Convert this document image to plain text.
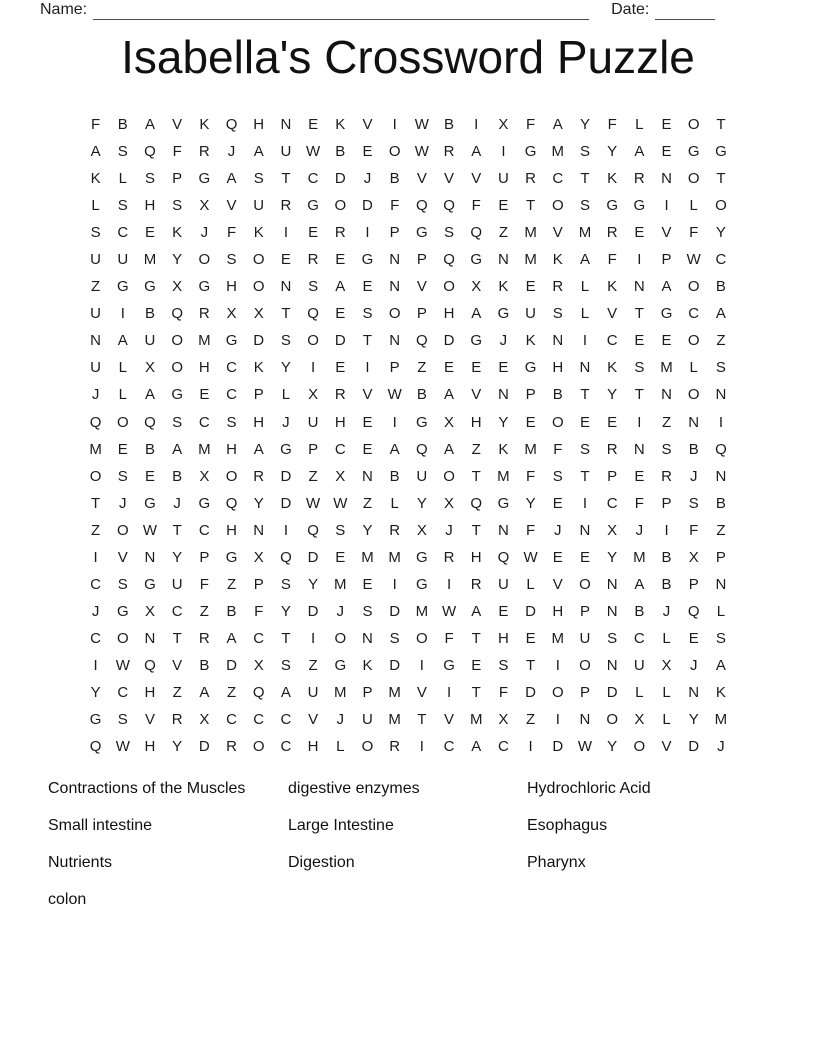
Name:	Date:
Isabella's Crossword Puzzle
F	B	A	V	K	Q	H	N	E	K	V	I	W	B	I	X	F	A	Y	F	L	E	O	T
A	S	Q	F	R	J	A	U W	B	E	O W R	A	I	G	M	S	Y	A	E	G	G
K	L	S	P	G	A	S	T	C	D	J	B	V	V	V	U	R	C	T	K	R	N	O	T
L	S	H	S	X	V	U	R	G	O	D	F	Q	Q	F	E	T	O	S	G	G	I	L	O
S	C	E	K	J	F	K	I	E	R	I	P	G	S	Q	Z	M	V	M	R	E	V	F	Y
U	U	M	Y	O	S	O	E	R	E	G	N	P	Q	G	N	M	K	A	F	I	P	W C
Z	G	G	X	G	H	O	N	S	A	E	N	V	O	X	K	E	R	L	K	N	A	O	B
U	I	B	Q	R	X	X	T	Q	E	S	O	P	H	A	G	U	S	L	V	T	G	C	A
N	A	U	O	M	G	D	S	O	D	T	N	Q	D	G	J	K	N	I	C	E	E	O	Z
U	L	X	O	H	C	K	Y	I	E	I	P	Z	E	E	E	G	H	N	K	S	M	L	S
J	L	A	G	E	C	P	L	X	R	V	W	B	A	V	N	P	B	T	Y	T	N	O	N
Q	O	Q	S	C	S	H	J	U	H	E	I	G	X	H	Y	E	O	E	E	I	Z	N	I
M	E	B	A	M	H	A	G	P	C	E	A	Q	A	Z	K	M	F	S	R	N	S	B	Q
O	S	E	B	X	O	R	D	Z	X	N	B	U	O	T	M	F	S	T	P	E	R	J	N
T	J	G	J	G	Q	Y	D W W	Z	L	Y	X	Q	G	Y	E	I	C	F	P	S	B
Z	O W	T	C	H	N	I	Q	S	Y	R	X	J	T	N	F	J	N	X	J	I	F	Z
I	V	N	Y	P	G	X	Q	D	E	M M	G	R	H	Q W	E	E	Y	M	B	X	P
C	S	G	U	F	Z	P	S	Y	M	E	I	G	I	R	U	L	V	O	N	A	B	P	N
J	G	X	C	Z	B	F	Y	D	J	S	D	M W	A	E	D	H	P	N	B	J	Q	L
C	O	N	T	R	A	C	T	I	O	N	S	O	F	T	H	E	M	U	S	C	L	E	S
I	W Q	V	B	D	X	S	Z	G	K	D	I	G	E	S	T	I	O	N	U	X	J	A
Y	C	H	Z	A	Z	Q	A	U	M	P	M	V	I	T	F	D	O	P	D	L	L	N	K
G	S	V	R	X	C	C	C	V	J	U	M	T	V	M	X	Z	I	N	O	X	L	Y	M
Q W H	Y	D	R	O	C	H	L	O	R	I	C	A	C	I	D W	Y	O	V	D	J
Contractions of the Muscles
Small intestine
Nutrients
colon
digestive enzymes
Large Intestine
Digestion
Hydrochloric Acid
Esophagus
Pharynx
